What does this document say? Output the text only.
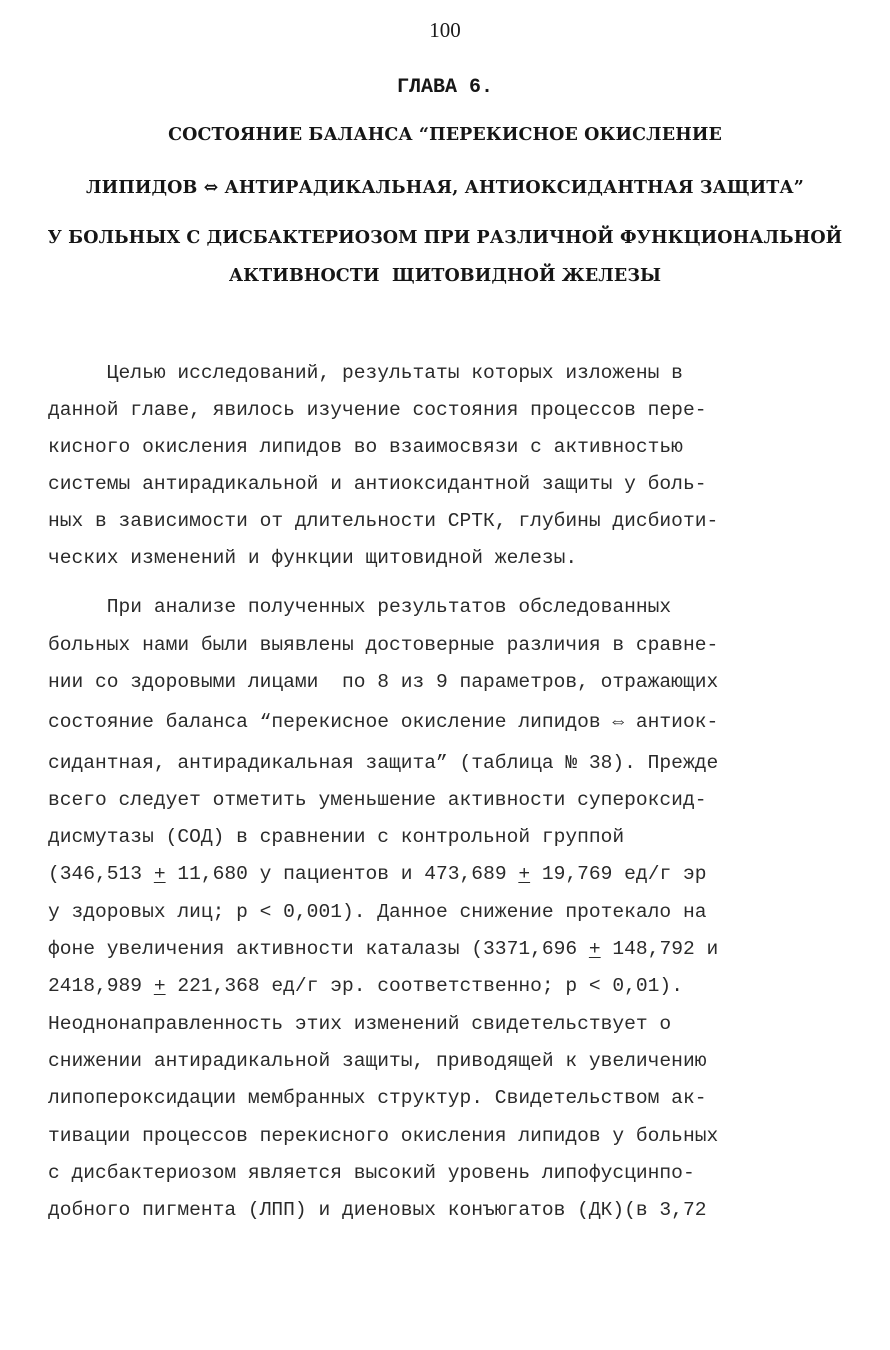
100
ГЛАВА 6.
СОСТОЯНИЕ БАЛАНСА “ПЕРЕКИСНОЕ ОКИСЛЕНИЕ
ЛИПИДОВ ⇔ АНТИРАДИКАЛЬНАЯ, АНТИОКСИДАНТНАЯ ЗАЩИТА”
У БОЛЬНЫХ С ДИСБАКТЕРИОЗОМ ПРИ РАЗЛИЧНОЙ ФУНКЦИОНАЛЬНОЙ
АКТИВНОСТИ  ЩИТОВИДНОЙ ЖЕЛЕЗЫ
Целью исследований, результаты которых изложены в
данной главе, явилось изучение состояния процессов пере-
кисного окисления липидов во взаимосвязи с активностью
системы антирадикальной и антиоксидантной защиты у боль-
ных в зависимости от длительности СРТК, глубины дисбиоти-
ческих изменений и функции щитовидной железы.
При анализе полученных результатов обследованных
больных нами были выявлены достоверные различия в сравне-
нии со здоровыми лицами  по 8 из 9 параметров, отражающих
состояние баланса “перекисное окисление липидов ⇔ антиок-
сидантная, антирадикальная защита” (таблица № 38). Прежде
всего следует отметить уменьшение активности супероксид-
дисмутазы (СОД) в сравнении с контрольной группой
(346,513 + 11,680 у пациентов и 473,689 + 19,769 ед/г эр
у здоровых лиц; р < 0,001). Данное снижение протекало на
фоне увеличения активности каталазы (3371,696 + 148,792 и
2418,989 + 221,368 ед/г эр. соответственно; р < 0,01).
Неоднонаправленность этих изменений свидетельствует о
снижении антирадикальной защиты, приводящей к увеличению
липопероксидации мембранных структур. Свидетельством ак-
тивации процессов перекисного окисления липидов у больных
с дисбактериозом является высокий уровень липофусцинпо-
добного пигмента (ЛПП) и диеновых конъюгатов (ДК)(в 3,72
